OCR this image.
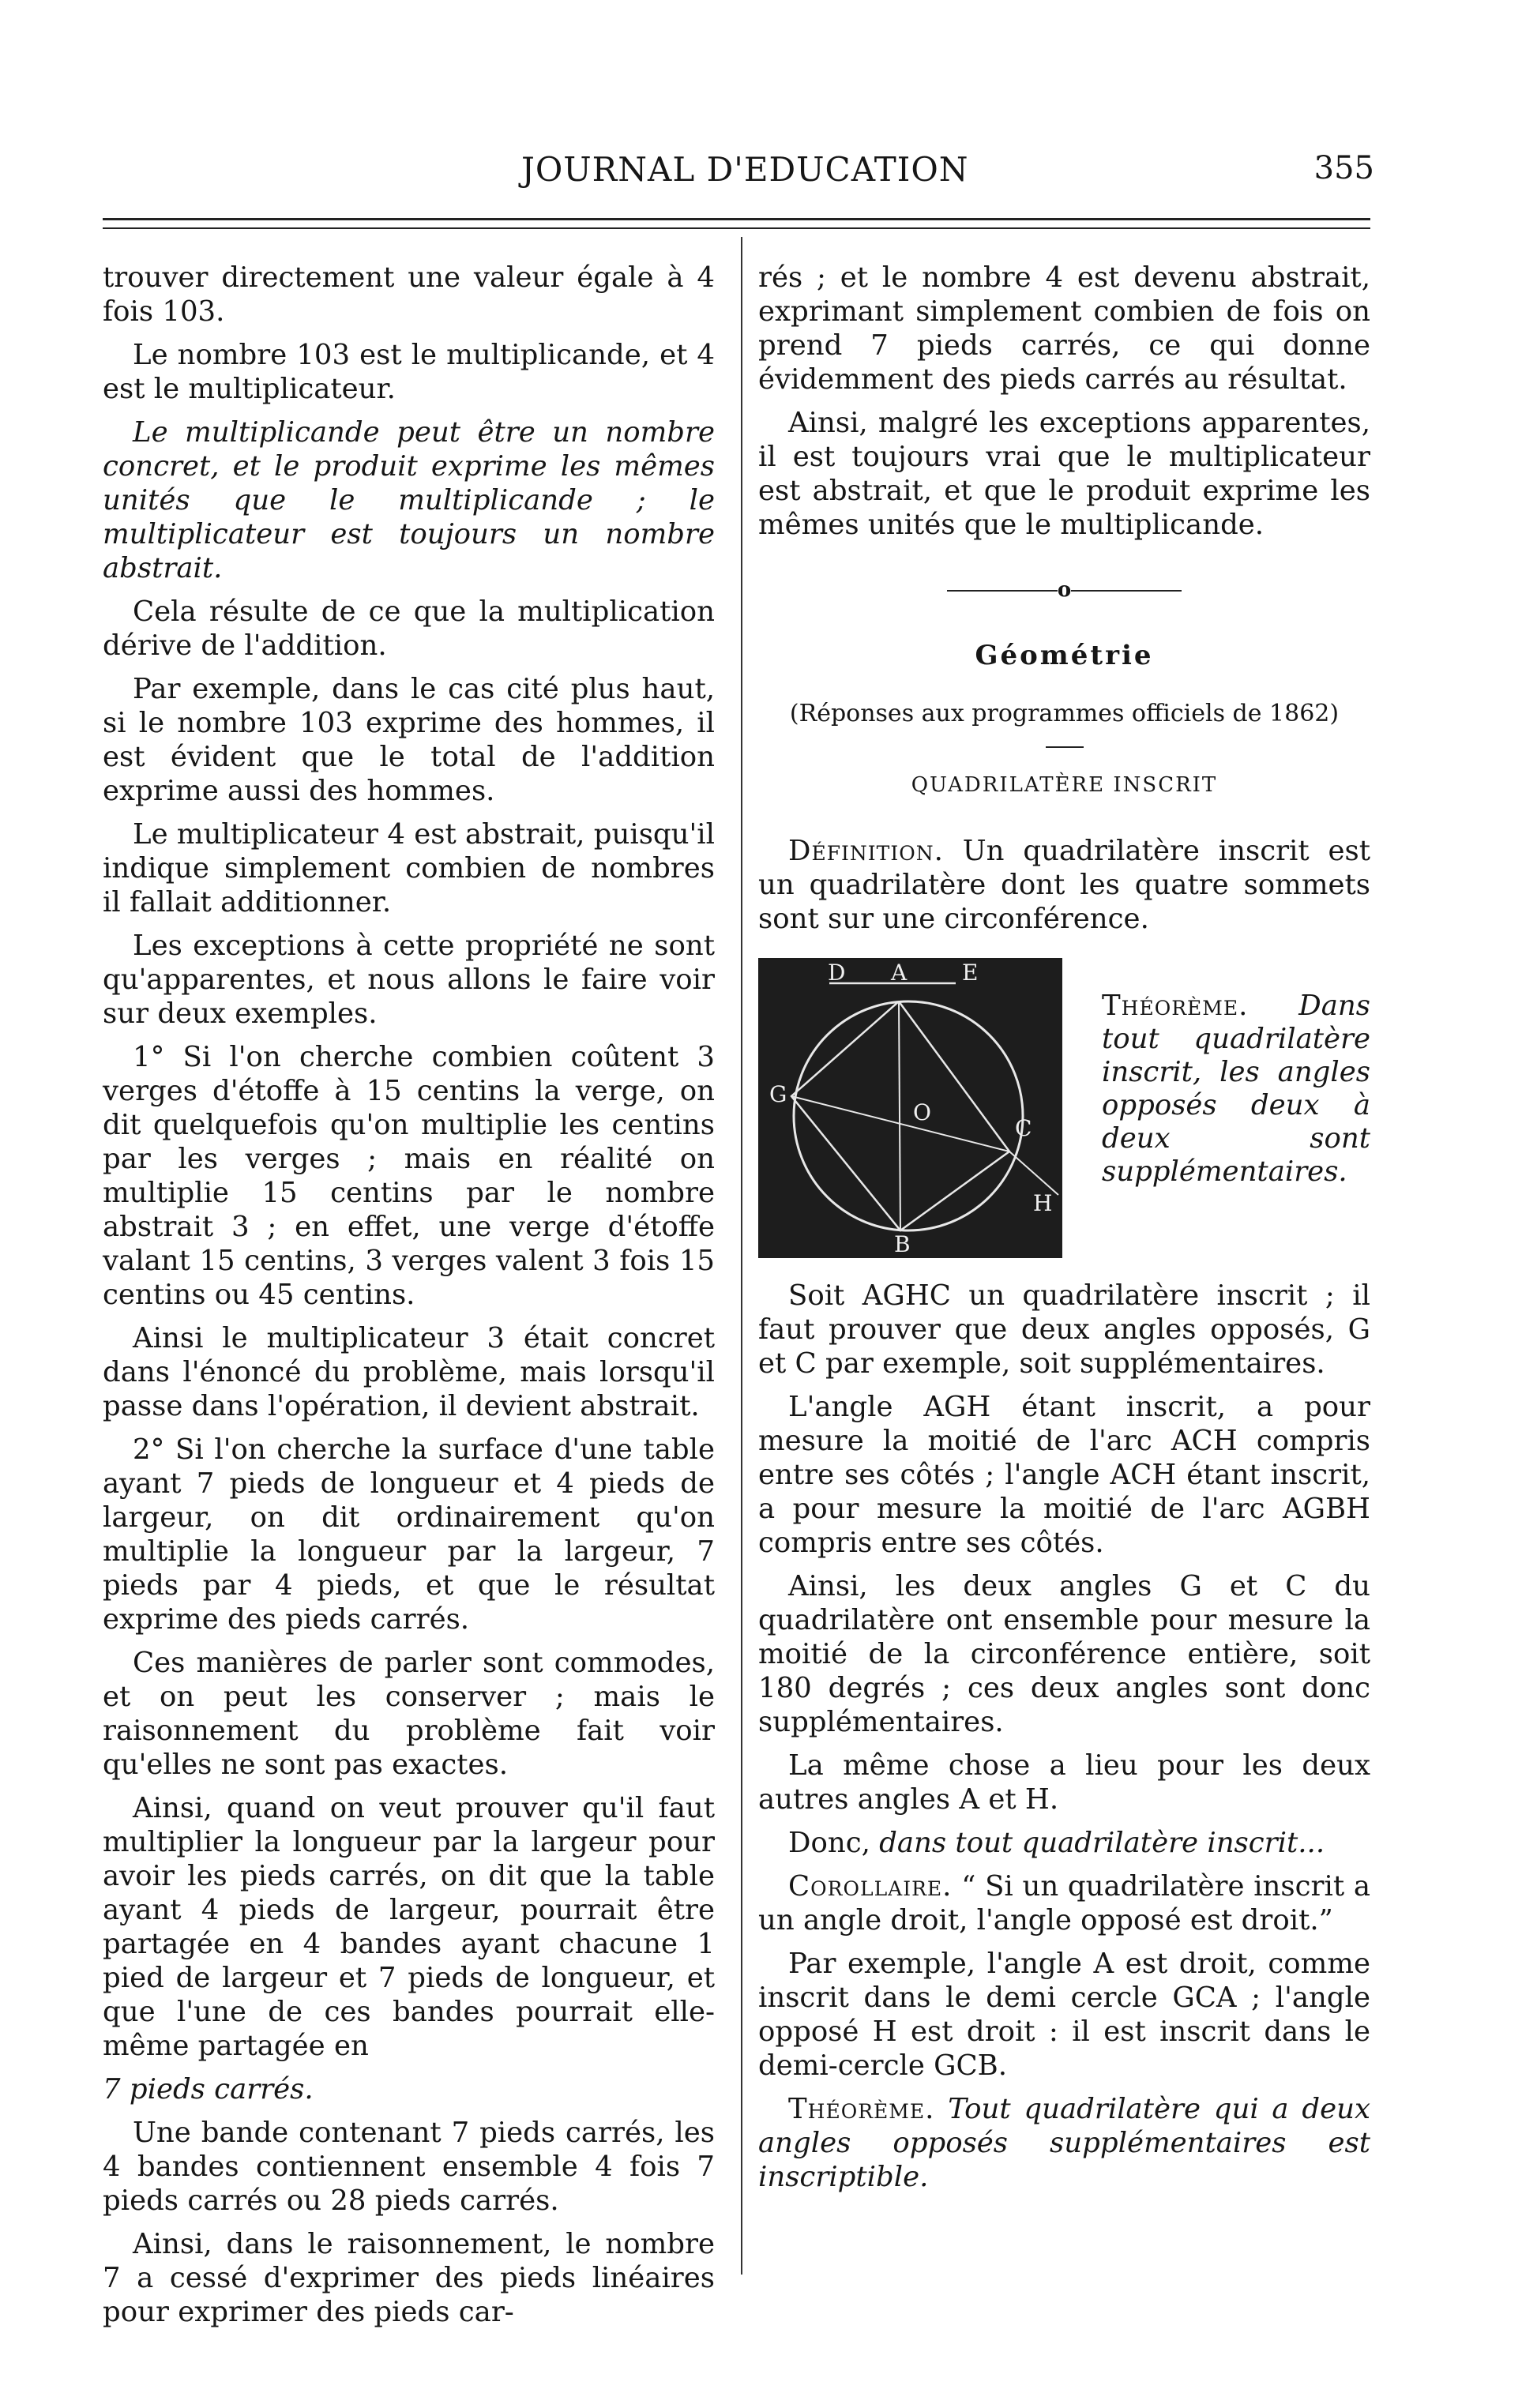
JOURNAL D'EDUCATION	355

trouver directement une valeur égale à 4 fois 103.

Le nombre 103 est le multiplicande, et 4 est le multiplicateur.

Le multiplicande peut être un nombre concret, et le produit exprime les mêmes unités que le multiplicande ; le multiplicateur est toujours un nombre abstrait.

Cela résulte de ce que la multiplication dérive de l'addition.

Par exemple, dans le cas cité plus haut, si le nombre 103 exprime des hommes, il est évident que le total de l'addition exprime aussi des hommes.

Le multiplicateur 4 est abstrait, puisqu'il indique simplement combien de nombres il fallait additionner.

Les exceptions à cette propriété ne sont qu'apparentes, et nous allons le faire voir sur deux exemples.

1° Si l'on cherche combien coûtent 3 verges d'étoffe à 15 centins la verge, on dit quelquefois qu'on multiplie les centins par les verges ; mais en réalité on multiplie 15 centins par le nombre abstrait 3 ; en effet, une verge d'étoffe valant 15 centins, 3 verges valent 3 fois 15 centins ou 45 centins.

Ainsi le multiplicateur 3 était concret dans l'énoncé du problème, mais lorsqu'il passe dans l'opération, il devient abstrait.

2° Si l'on cherche la surface d'une table ayant 7 pieds de longueur et 4 pieds de largeur, on dit ordinairement qu'on multiplie la longueur par la largeur, 7 pieds par 4 pieds, et que le résultat exprime des pieds carrés.

Ces manières de parler sont commodes, et on peut les conserver ; mais le raisonnement du problème fait voir qu'elles ne sont pas exactes.

Ainsi, quand on veut prouver qu'il faut multiplier la longueur par la largeur pour avoir les pieds carrés, on dit que la table ayant 4 pieds de largeur, pourrait être partagée en 4 bandes ayant chacune 1 pied de largeur et 7 pieds de longueur, et que l'une de ces bandes pourrait elle-même partagée en

7 pieds carrés.

Une bande contenant 7 pieds carrés, les 4 bandes contiennent ensemble 4 fois 7 pieds carrés ou 28 pieds carrés.

Ainsi, dans le raisonnement, le nombre 7 a cessé d'exprimer des pieds linéaires pour exprimer des pieds car-

rés ; et le nombre 4 est devenu abstrait, exprimant simplement combien de fois on prend 7 pieds carrés, ce qui donne évidemment des pieds carrés au résultat.

Ainsi, malgré les exceptions apparentes, il est toujours vrai que le multiplicateur est abstrait, et que le produit exprime les mêmes unités que le multiplicande.

o
Géométrie
(Réponses aux programmes officiels de 1862)
QUADRILATÈRE INSCRIT

Définition. Un quadrilatère inscrit est un quadrilatère dont les quatre sommets sont sur une circonférence.

D A E
G
O
C
H
B
Théorème. Dans tout quadrilatère inscrit, les angles opposés deux à deux sont supplémentaires.

Soit AGHC un quadrilatère inscrit ; il faut prouver que deux angles opposés, G et C par exemple, soit supplémentaires.

L'angle AGH étant inscrit, a pour mesure la moitié de l'arc ACH compris entre ses côtés ; l'angle ACH étant inscrit, a pour mesure la moitié de l'arc AGBH compris entre ses côtés.

Ainsi, les deux angles G et C du quadrilatère ont ensemble pour mesure la moitié de la circonférence entière, soit 180 degrés ; ces deux angles sont donc supplémentaires.

La même chose a lieu pour les deux autres angles A et H.

Donc, dans tout quadrilatère inscrit...

Corollaire. “ Si un quadrilatère inscrit a un angle droit, l'angle opposé est droit.”

Par exemple, l'angle A est droit, comme inscrit dans le demi cercle GCA ; l'angle opposé H est droit : il est inscrit dans le demi-cercle GCB.

Théorème. Tout quadrilatère qui a deux angles opposés supplémentaires est inscriptible.
